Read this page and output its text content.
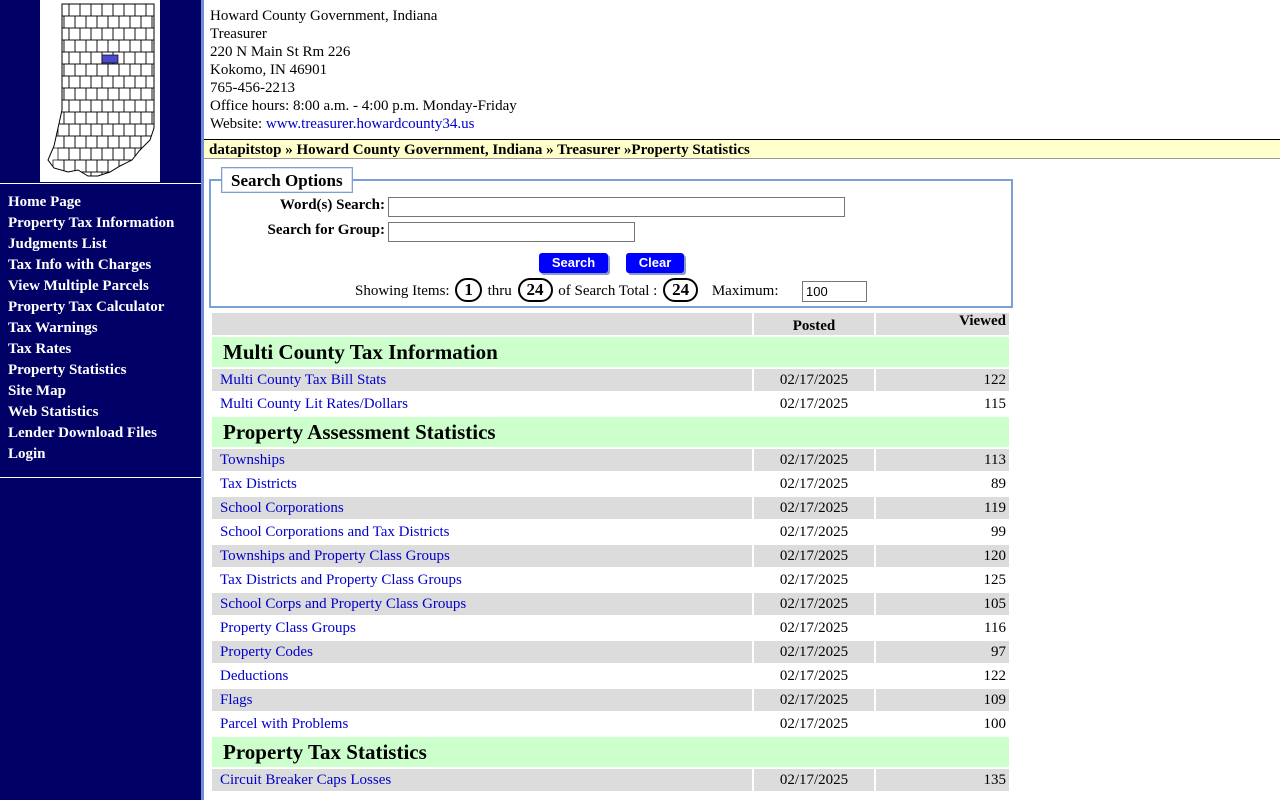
Home Page
Property Tax Information
Judgments List
Tax Info with Charges
View Multiple Parcels
Property Tax Calculator
Tax Warnings
Tax Rates
Property Statistics
Site Map
Web Statistics
Lender Download Files
Login
Howard County Government, Indiana
Treasurer
220 N Main St Rm 226
Kokomo, IN 46901
765-456-2213
Office hours: 8:00 a.m. - 4:00 p.m. Monday-Friday
Website: www.treasurer.howardcounty34.us
datapitstop » Howard County Government, Indiana » Treasurer »Property Statistics
Search Options
Word(s) Search:
Search for Group:
Search	Clear
Showing Items: 1 thru 24 of Search Total : 24 Maximum:
100
	Posted	Viewed
Multi County Tax Information		
Multi County Tax Bill Stats	02/17/2025	122
Multi County Lit Rates/Dollars	02/17/2025	115
Property Assessment Statistics		
Townships	02/17/2025	113
Tax Districts	02/17/2025	89
School Corporations	02/17/2025	119
School Corporations and Tax Districts	02/17/2025	99
Townships and Property Class Groups	02/17/2025	120
Tax Districts and Property Class Groups	02/17/2025	125
School Corps and Property Class Groups	02/17/2025	105
Property Class Groups	02/17/2025	116
Property Codes	02/17/2025	97
Deductions	02/17/2025	122
Flags	02/17/2025	109
Parcel with Problems	02/17/2025	100
Property Tax Statistics		
Circuit Breaker Caps Losses	02/17/2025	135
